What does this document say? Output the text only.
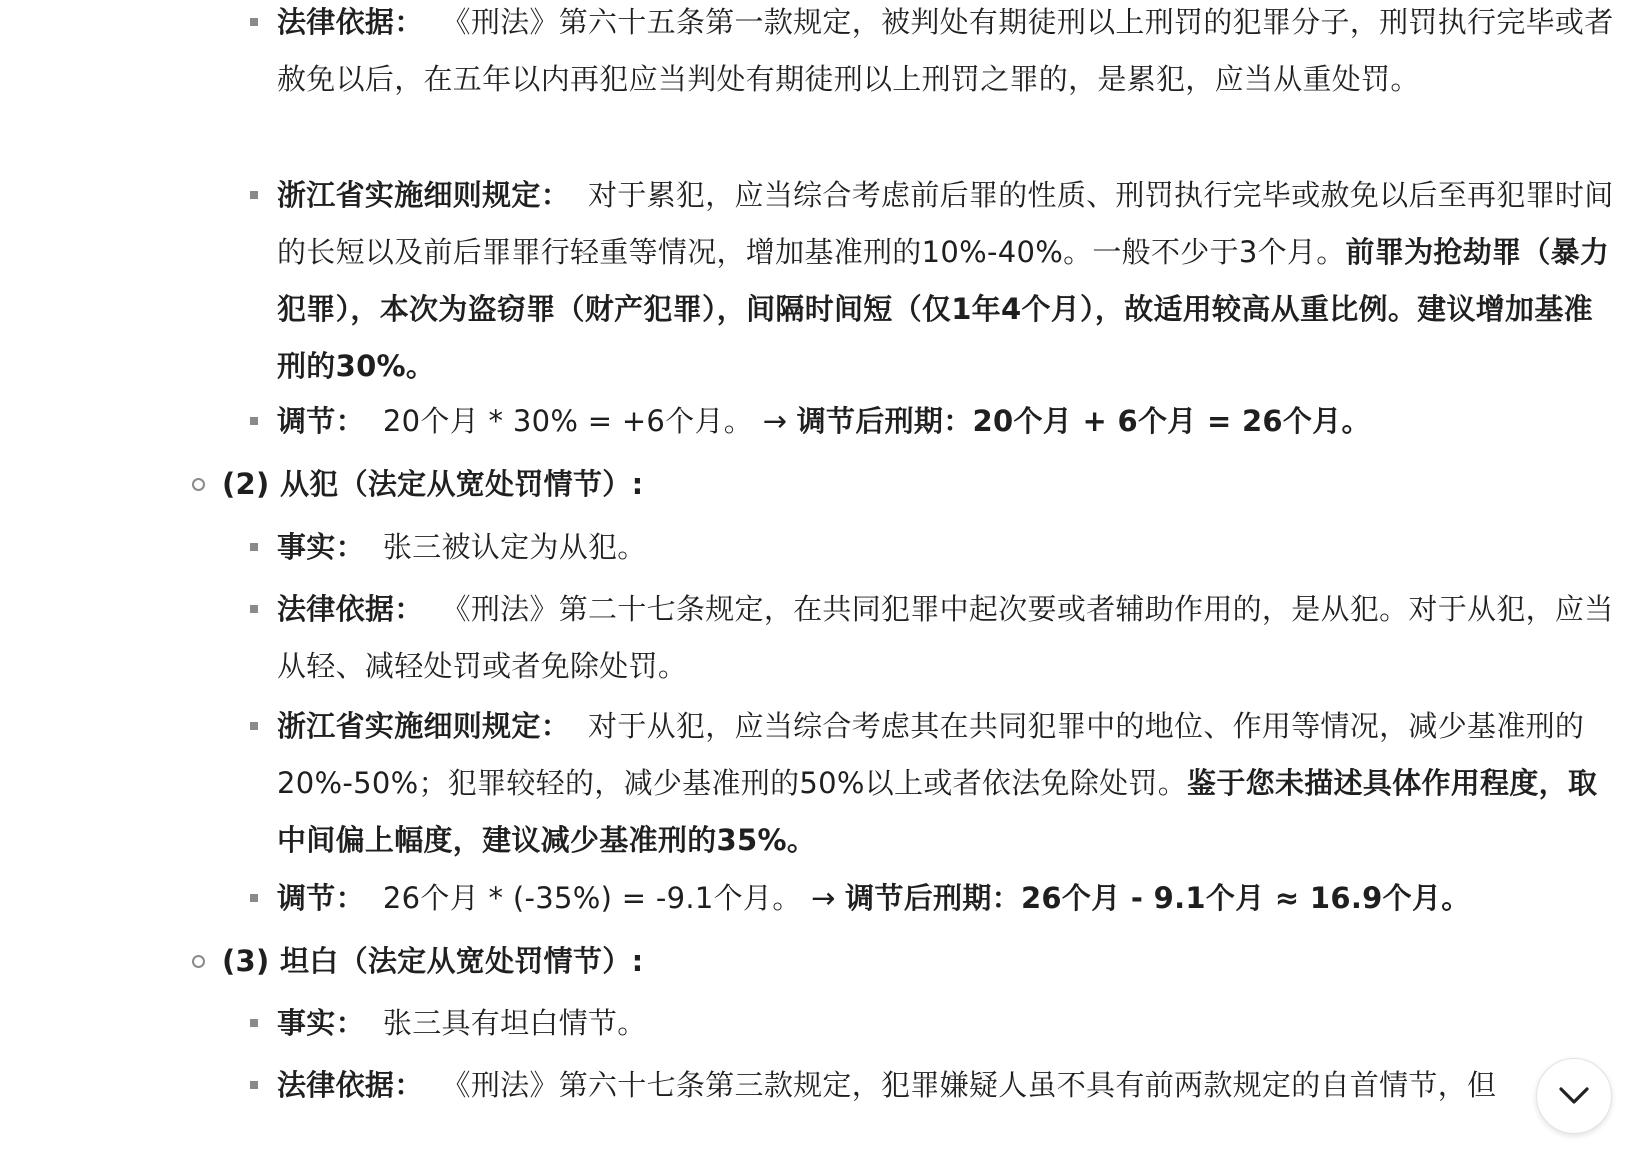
法律依据： 《刑法》第六十五条第一款规定，被判处有期徒刑以上刑罚的犯罪分子，刑罚执行完毕或者赦免以后，在五年以内再犯应当判处有期徒刑以上刑罚之罪的，是累犯，应当从重处罚。
浙江省实施细则规定： 对于累犯，应当综合考虑前后罪的性质、刑罚执行完毕或赦免以后至再犯罪时间的长短以及前后罪罪行轻重等情况，增加基准刑的10%-40%。一般不少于3个月。前罪为抢劫罪（暴力犯罪），本次为盗窃罪（财产犯罪），间隔时间短（仅1年4个月），故适用较高从重比例。建议增加基准刑的30%。
调节： 20个月 * 30% = +6个月。 → 调节后刑期：20个月 + 6个月 = 26个月。
(2) 从犯（法定从宽处罚情节）:
事实： 张三被认定为从犯。
法律依据： 《刑法》第二十七条规定，在共同犯罪中起次要或者辅助作用的，是从犯。对于从犯，应当从轻、减轻处罚或者免除处罚。
浙江省实施细则规定： 对于从犯，应当综合考虑其在共同犯罪中的地位、作用等情况，减少基准刑的20%-50%；犯罪较轻的，减少基准刑的50%以上或者依法免除处罚。鉴于您未描述具体作用程度，取中间偏上幅度，建议减少基准刑的35%。
调节： 26个月 * (-35%) = -9.1个月。 → 调节后刑期：26个月 - 9.1个月 ≈ 16.9个月。
(3) 坦白（法定从宽处罚情节）:
事实： 张三具有坦白情节。
法律依据： 《刑法》第六十七条第三款规定，犯罪嫌疑人虽不具有前两款规定的自首情节，但
